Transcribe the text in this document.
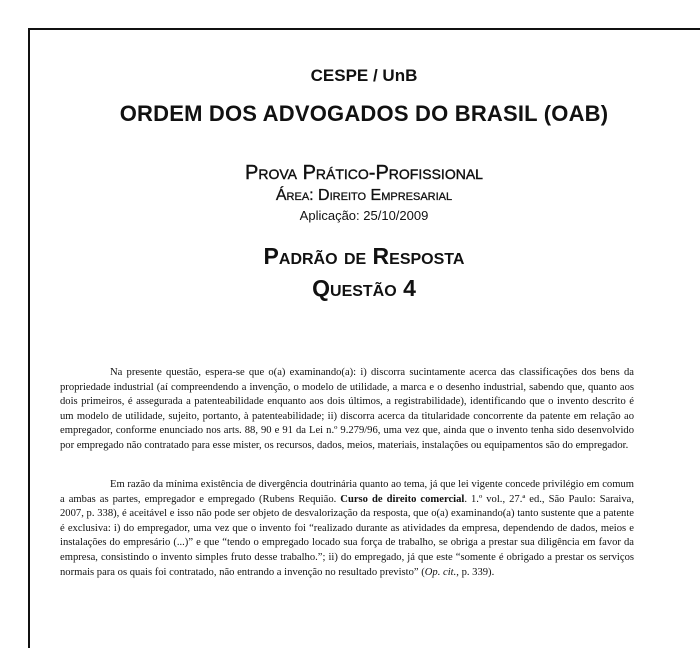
CESPE / UnB
ORDEM DOS ADVOGADOS DO BRASIL (OAB)
Prova Prático-Profissional
Área: Direito Empresarial
Aplicação: 25/10/2009
Padrão de Resposta
Questão 4
Na presente questão, espera-se que o(a) examinando(a): i) discorra sucintamente acerca das classificações dos bens da propriedade industrial (aí compreendendo a invenção, o modelo de utilidade, a marca e o desenho industrial, sabendo que, quanto aos dois primeiros, é assegurada a patenteabilidade enquanto aos dois últimos, a registrabilidade), identificando que o invento descrito é um modelo de utilidade, sujeito, portanto, à patenteabilidade; ii) discorra acerca da titularidade concorrente da patente em relação ao empregador, conforme enunciado nos arts. 88, 90 e 91 da Lei n.º 9.279/96, uma vez que, ainda que o invento tenha sido desenvolvido por empregado não contratado para esse mister, os recursos, dados, meios, materiais, instalações ou equipamentos são do empregador.
Em razão da mínima existência de divergência doutrinária quanto ao tema, já que lei vigente concede privilégio em comum a ambas as partes, empregador e empregado (Rubens Requião. Curso de direito comercial. 1.º vol., 27.ª ed., São Paulo: Saraiva, 2007, p. 338), é aceitável e isso não pode ser objeto de desvalorização da resposta, que o(a) examinando(a) tanto sustente que a patente é exclusiva: i) do empregador, uma vez que o invento foi “realizado durante as atividades da empresa, dependendo de dados, meios e instalações do empresário (...)” e que “tendo o empregado locado sua força de trabalho, se obriga a prestar sua diligência em favor da empresa, consistindo o invento simples fruto desse trabalho.”; ii) do empregado, já que este “somente é obrigado a prestar os serviços normais para os quais foi contratado, não entrando a invenção no resultado previsto” (Op. cit., p. 339).
